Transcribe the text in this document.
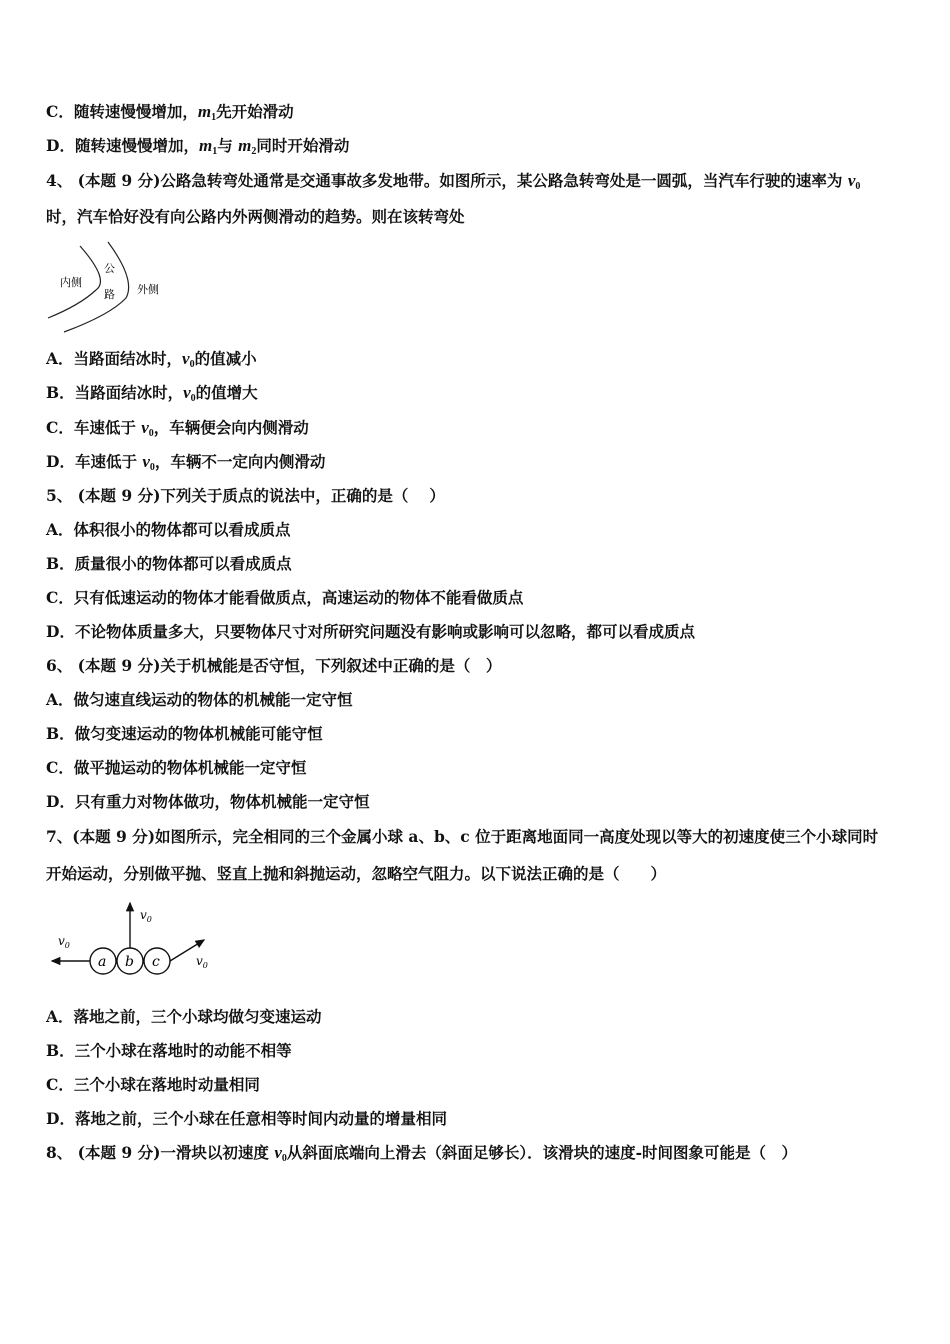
C．随转速慢慢增加，$m_1$先开始滑动
D．随转速慢慢增加，$m_1$与 $m_2$同时开始滑动
4、 (本题 9 分)公路急转弯处通常是交通事故多发地带。如图所示，某公路急转弯处是一圆弧，当汽车行驶的速率为 $v_0$
时，汽车恰好没有向公路内外两侧滑动的趋势。则在该转弯处
A．当路面结冰时，$v_0$的值减小
B．当路面结冰时，$v_0$的值增大
C．车速低于 $v_0$，车辆便会向内侧滑动
D．车速低于 $v_0$，车辆不一定向内侧滑动
5、 (本题 9 分)下列关于质点的说法中，正确的是（　 ）
A．体积很小的物体都可以看成质点
B．质量很小的物体都可以看成质点
C．只有低速运动的物体才能看做质点，高速运动的物体不能看做质点
D．不论物体质量多大，只要物体尺寸对所研究问题没有影响或影响可以忽略，都可以看成质点
6、 (本题 9 分)关于机械能是否守恒，下列叙述中正确的是（　）
A．做匀速直线运动的物体的机械能一定守恒
B．做匀变速运动的物体机械能可能守恒
C．做平抛运动的物体机械能一定守恒
D．只有重力对物体做功，物体机械能一定守恒
7、(本题 9 分)如图所示，完全相同的三个金属小球 a、b、c 位于距离地面同一高度处现以等大的初速度使三个小球同时
开始运动，分别做平抛、竖直上抛和斜抛运动，忽略空气阻力。以下说法正确的是（　　）
A．落地之前，三个小球均做匀变速运动
B．三个小球在落地时的动能不相等
C．三个小球在落地时动量相同
D．落地之前，三个小球在任意相等时间内动量的增量相同
8、 (本题 9 分)一滑块以初速度 $v_0$从斜面底端向上滑去（斜面足够长）．该滑块的速度-时间图象可能是（　）
内侧
公
路 外侧
a b c
$v_0$
$v_0$
$v_0$
